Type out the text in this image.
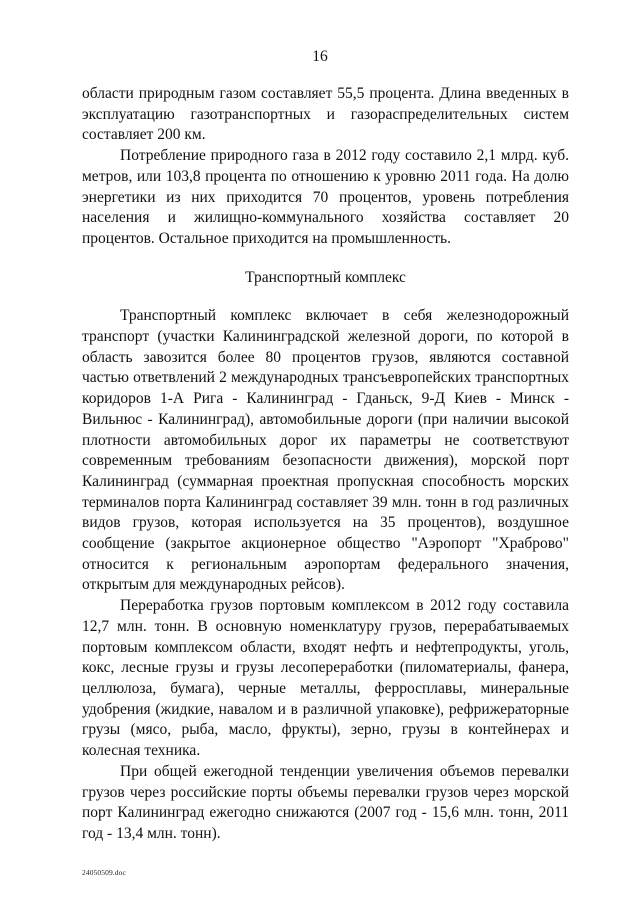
16

области природным газом составляет 55,5 процента. Длина введенных в эксплуатацию газотранспортных и газораспределительных систем составляет 200 км.

Потребление природного газа в 2012 году составило 2,1 млрд. куб. метров, или 103,8 процента по отношению к уровню 2011 года. На долю энергетики из них приходится 70 процентов, уровень потребления населения и жилищно-коммунального хозяйства составляет 20 процентов. Остальное приходится на промышленность.

Транспортный комплекс

Транспортный комплекс включает в себя железнодорожный транспорт (участки Калининградской железной дороги, по которой в область завозится более 80 процентов грузов, являются составной частью ответвлений 2 международных трансъевропейских транспортных коридоров 1-А Рига - Калининград - Гданьск, 9-Д Киев - Минск - Вильнюс - Калининград), автомобильные дороги (при наличии высокой плотности автомобильных дорог их параметры не соответствуют современным требованиям безопасности движения), морской порт Калининград (суммарная проектная пропускная способность морских терминалов порта Калининград составляет 39 млн. тонн в год различных видов грузов, которая используется на 35 процентов), воздушное сообщение (закрытое акционерное общество "Аэропорт "Храброво" относится к региональным аэропортам федерального значения, открытым для международных рейсов).

Переработка грузов портовым комплексом в 2012 году составила 12,7 млн. тонн. В основную номенклатуру грузов, перерабатываемых портовым комплексом области, входят нефть и нефтепродукты, уголь, кокс, лесные грузы и грузы лесопереработки (пиломатериалы, фанера, целлюлоза, бумага), черные металлы, ферросплавы, минеральные удобрения (жидкие, навалом и в различной упаковке), рефрижераторные грузы (мясо, рыба, масло, фрукты), зерно, грузы в контейнерах и колесная техника.

При общей ежегодной тенденции увеличения объемов перевалки грузов через российские порты объемы перевалки грузов через морской порт Калининград ежегодно снижаются (2007 год - 15,6 млн. тонн, 2011 год - 13,4 млн. тонн).

24050509.doc
